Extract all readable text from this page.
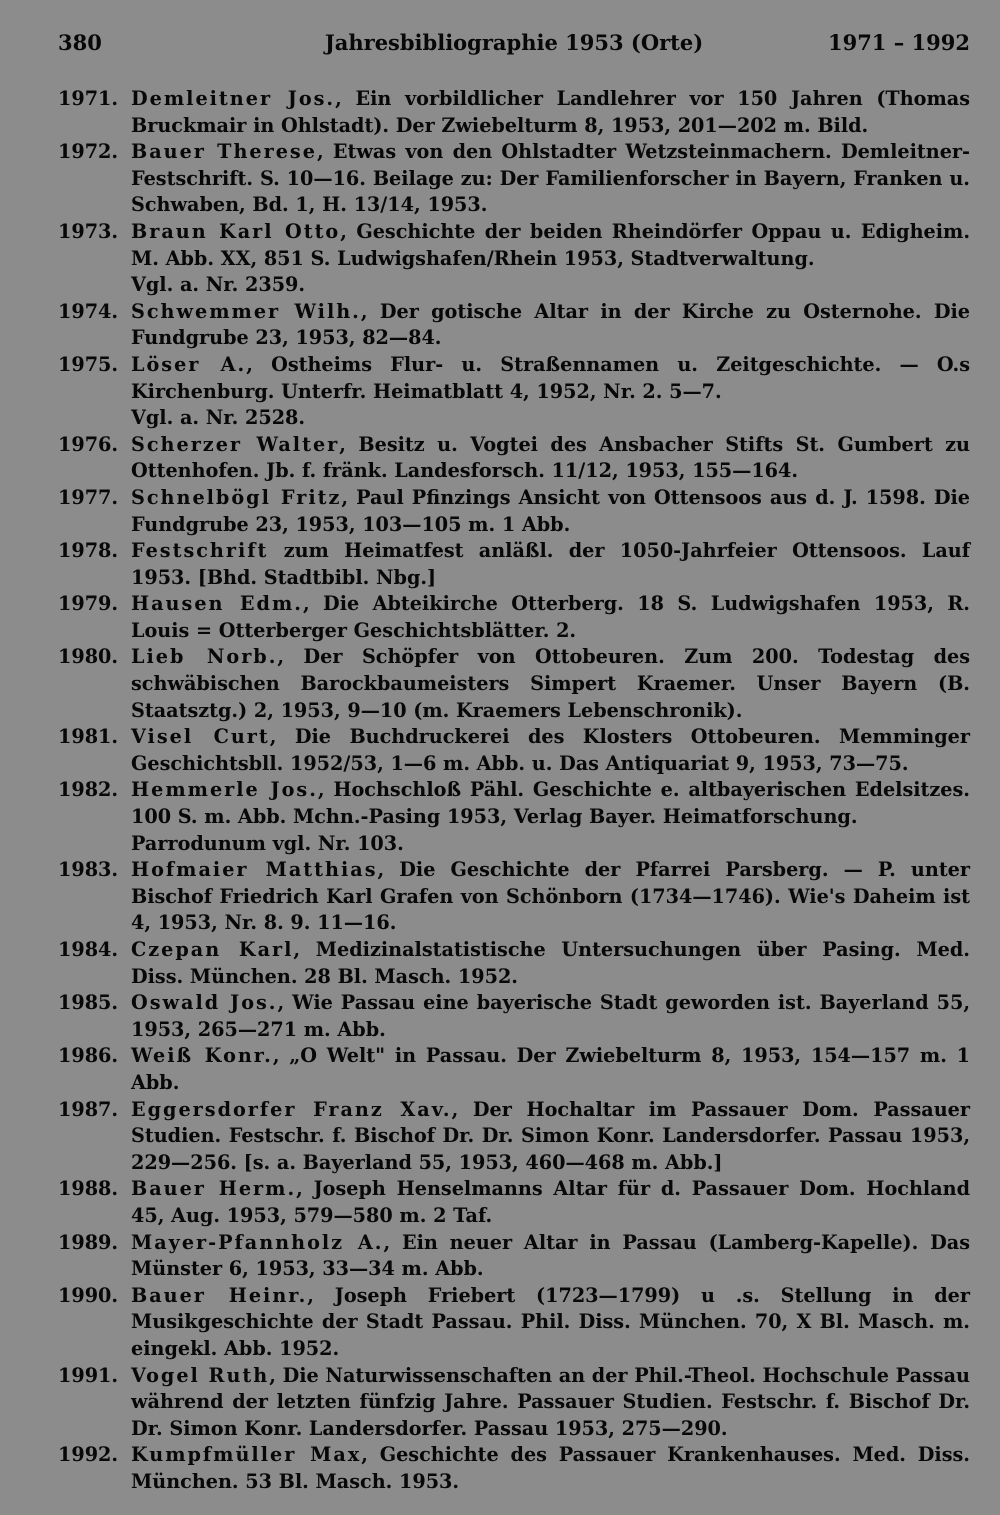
380	Jahresbibliographie 1953 (Orte)	1971 – 1992
1971. Demleitner Jos., Ein vorbildlicher Landlehrer vor 150 Jahren (Thomas Bruckmair in Ohlstadt). Der Zwiebelturm 8, 1953, 201—202 m. Bild.
1972. Bauer Therese, Etwas von den Ohlstadter Wetzsteinmachern. Demleitner-Festschrift. S. 10—16. Beilage zu: Der Familienforscher in Bayern, Franken u. Schwaben, Bd. 1, H. 13/14, 1953.
1973. Braun Karl Otto, Geschichte der beiden Rheindörfer Oppau u. Edigheim. M. Abb. XX, 851 S. Ludwigshafen/Rhein 1953, Stadtverwaltung.
Vgl. a. Nr. 2359.
1974. Schwemmer Wilh., Der gotische Altar in der Kirche zu Osternohe. Die Fundgrube 23, 1953, 82—84.
1975. Löser A., Ostheims Flur- u. Straßennamen u. Zeitgeschichte. — O.s Kirchenburg. Unterfr. Heimatblatt 4, 1952, Nr. 2. 5—7.
Vgl. a. Nr. 2528.
1976. Scherzer Walter, Besitz u. Vogtei des Ansbacher Stifts St. Gumbert zu Ottenhofen. Jb. f. fränk. Landesforsch. 11/12, 1953, 155—164.
1977. Schnelbögl Fritz, Paul Pfinzings Ansicht von Ottensoos aus d. J. 1598. Die Fundgrube 23, 1953, 103—105 m. 1 Abb.
1978. Festschrift zum Heimatfest anläßl. der 1050-Jahrfeier Ottensoos. Lauf 1953. [Bhd. Stadtbibl. Nbg.]
1979. Hausen Edm., Die Abteikirche Otterberg. 18 S. Ludwigshafen 1953, R. Louis = Otterberger Geschichtsblätter. 2.
1980. Lieb Norb., Der Schöpfer von Ottobeuren. Zum 200. Todestag des schwäbischen Barockbaumeisters Simpert Kraemer. Unser Bayern (B. Staatsztg.) 2, 1953, 9—10 (m. Kraemers Lebenschronik).
1981. Visel Curt, Die Buchdruckerei des Klosters Ottobeuren. Memminger Geschichtsbll. 1952/53, 1—6 m. Abb. u. Das Antiquariat 9, 1953, 73—75.
1982. Hemmerle Jos., Hochschloß Pähl. Geschichte e. altbayerischen Edelsitzes. 100 S. m. Abb. Mchn.-Pasing 1953, Verlag Bayer. Heimatforschung.
Parrodunum vgl. Nr. 103.
1983. Hofmaier Matthias, Die Geschichte der Pfarrei Parsberg. — P. unter Bischof Friedrich Karl Grafen von Schönborn (1734—1746). Wie's Daheim ist 4, 1953, Nr. 8. 9. 11—16.
1984. Czepan Karl, Medizinalstatistische Untersuchungen über Pasing. Med. Diss. München. 28 Bl. Masch. 1952.
1985. Oswald Jos., Wie Passau eine bayerische Stadt geworden ist. Bayerland 55, 1953, 265—271 m. Abb.
1986. Weiß Konr., „O Welt" in Passau. Der Zwiebelturm 8, 1953, 154—157 m. 1 Abb.
1987. Eggersdorfer Franz Xav., Der Hochaltar im Passauer Dom. Passauer Studien. Festschr. f. Bischof Dr. Dr. Simon Konr. Landersdorfer. Passau 1953, 229—256. [s. a. Bayerland 55, 1953, 460—468 m. Abb.]
1988. Bauer Herm., Joseph Henselmanns Altar für d. Passauer Dom. Hochland 45, Aug. 1953, 579—580 m. 2 Taf.
1989. Mayer-Pfannholz A., Ein neuer Altar in Passau (Lamberg-Kapelle). Das Münster 6, 1953, 33—34 m. Abb.
1990. Bauer Heinr., Joseph Friebert (1723—1799) u .s. Stellung in der Musikgeschichte der Stadt Passau. Phil. Diss. München. 70, X Bl. Masch. m. eingekl. Abb. 1952.
1991. Vogel Ruth, Die Naturwissenschaften an der Phil.-Theol. Hochschule Passau während der letzten fünfzig Jahre. Passauer Studien. Festschr. f. Bischof Dr. Dr. Simon Konr. Landersdorfer. Passau 1953, 275—290.
1992. Kumpfmüller Max, Geschichte des Passauer Krankenhauses. Med. Diss. München. 53 Bl. Masch. 1953.
